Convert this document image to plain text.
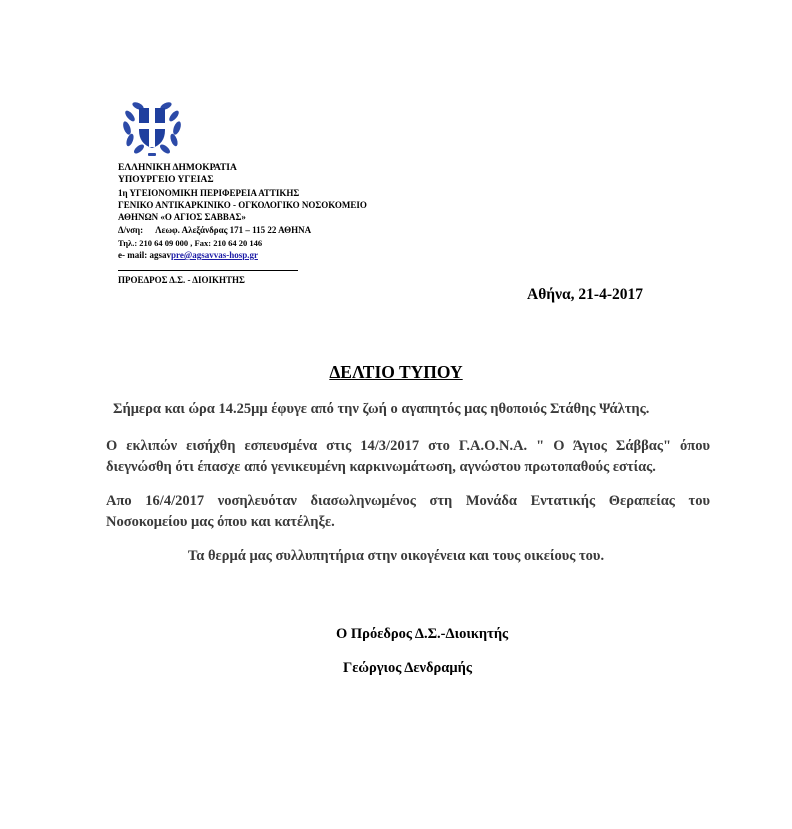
ΕΛΛΗΝΙΚΗ ΔΗΜΟΚΡΑΤΙΑ
ΥΠΟΥΡΓΕΙΟ ΥΓΕΙΑΣ
1η ΥΓΕΙΟΝΟΜΙΚΗ ΠΕΡΙΦΕΡΕΙΑ ΑΤΤΙΚΗΣ
ΓΕΝΙΚΟ ΑΝΤΙΚΑΡΚΙΝΙΚΟ - ΟΓΚΟΛΟΓΙΚΟ ΝΟΣΟΚΟΜΕΙΟ
ΑΘΗΝΩΝ «Ο ΑΓΙΟΣ ΣΑΒΒΑΣ»
Δ/νση: Λεωφ. Αλεξάνδρας 171 – 115 22 ΑΘΗΝΑ
Τηλ.: 210 64 09 000 , Fax: 210 64 20 146
e- mail: agsavpre@agsavvas-hosp.gr
ΠΡΟΕΔΡΟΣ Δ.Σ. - ΔΙΟΙΚΗΤΗΣ
Αθήνα, 21-4-2017
ΔΕΛΤΙΟ ΤΥΠΟΥ
Σήμερα και ώρα 14.25μμ έφυγε από την ζωή ο αγαπητός μας ηθοποιός Στάθης Ψάλτης.
Ο εκλιπών εισήχθη εσπευσμένα στις 14/3/2017 στο Γ.Α.Ο.Ν.Α. " Ο Άγιος Σάββας" όπου
διεγνώσθη ότι έπασχε από γενικευμένη καρκινωμάτωση, αγνώστου πρωτοπαθούς εστίας.
Απο 16/4/2017 νοσηλευόταν διασωληνωμένος στη Μονάδα Εντατικής Θεραπείας του
Νοσοκομείου μας όπου και κατέληξε.
Τα θερμά μας συλλυπητήρια στην οικογένεια και τους οικείους του.
Ο Πρόεδρος Δ.Σ.-Διοικητής
Γεώργιος Δενδραμής
